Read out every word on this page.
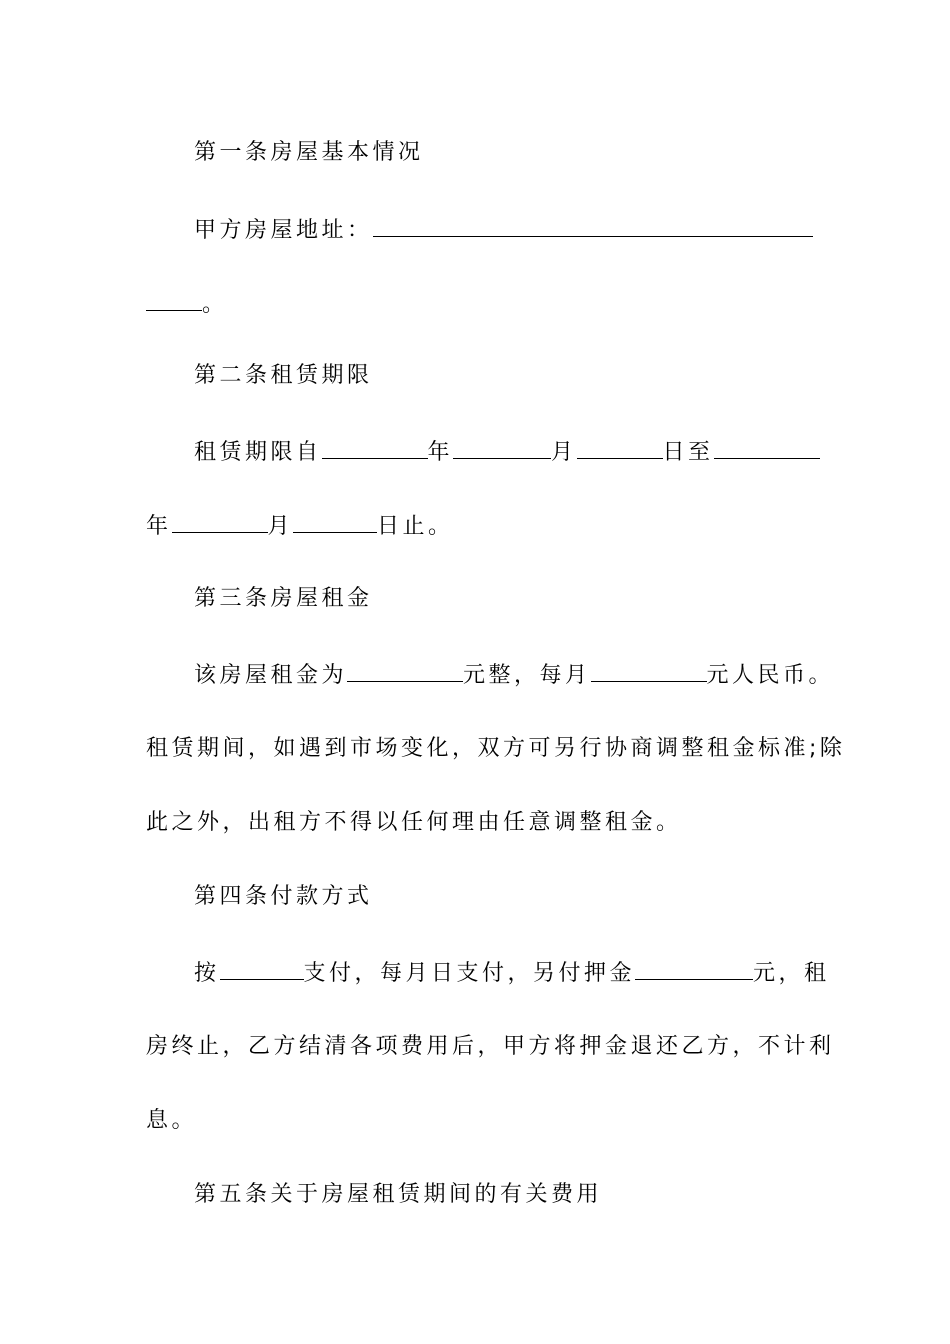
第一条房屋基本情况
甲方房屋地址：
。
第二条租赁期限
租赁期限自	年	月	日至
年	月	日止。
第三条房屋租金
该房屋租金为	元整，每月	元人民币。
租赁期间，如遇到市场变化，双方可另行协商调整租金标准;除
此之外，出租方不得以任何理由任意调整租金。
第四条付款方式
按	支付，每月日支付，另付押金	元，租
房终止，乙方结清各项费用后，甲方将押金退还乙方，不计利
息。
第五条关于房屋租赁期间的有关费用
